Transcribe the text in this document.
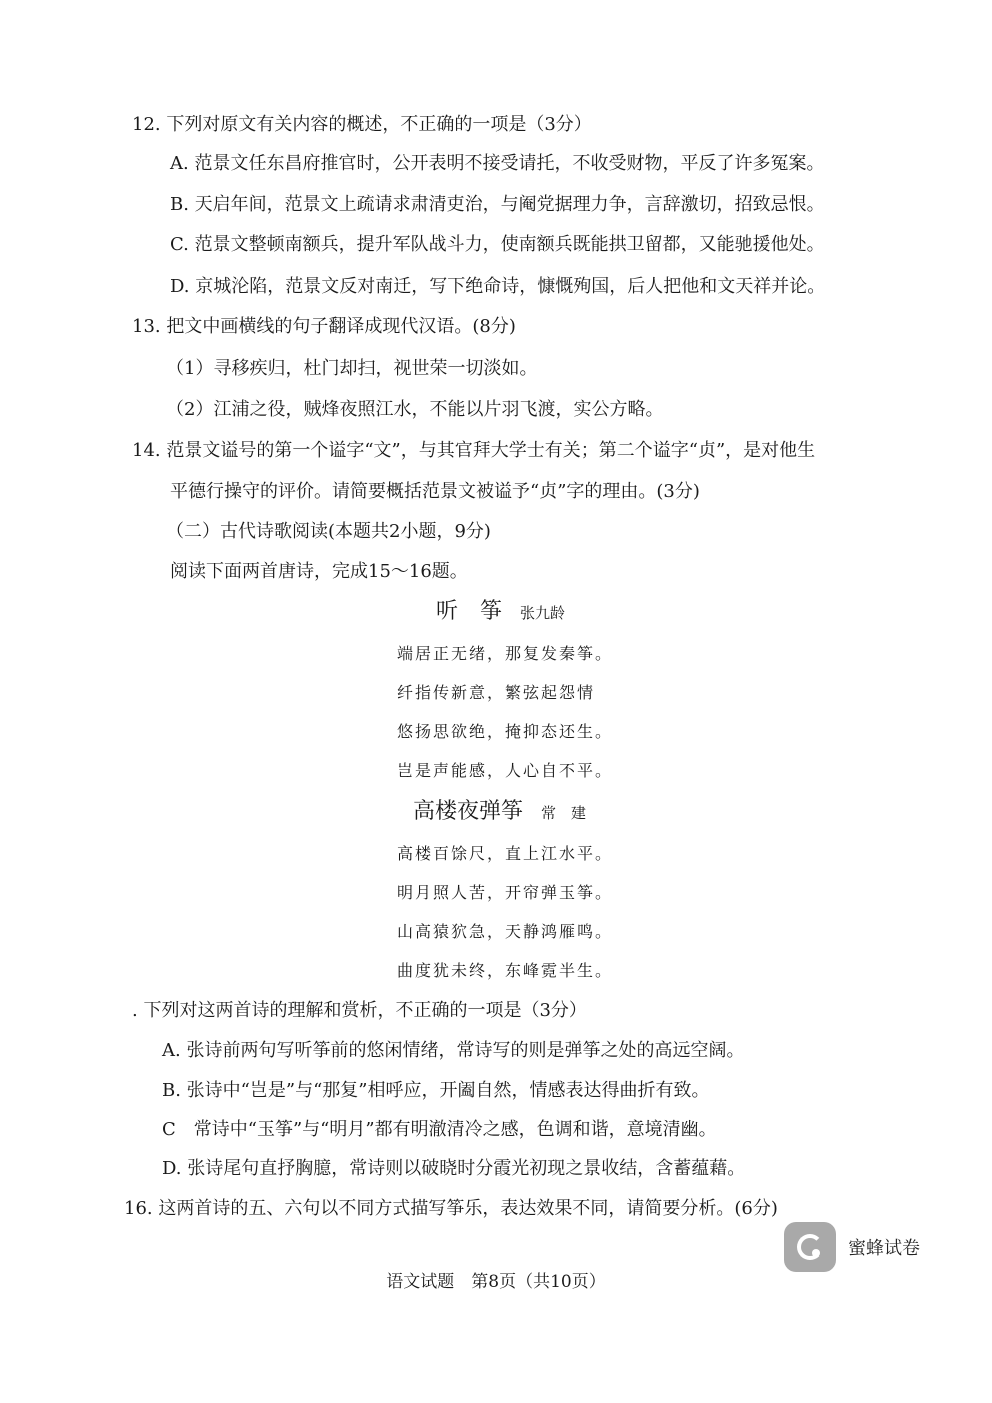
12. 下列对原文有关内容的概述，不正确的一项是（3分）
A. 范景文任东昌府推官时，公开表明不接受请托，不收受财物，平反了许多冤案。
B. 天启年间，范景文上疏请求肃清吏治，与阉党据理力争，言辞激切，招致忌恨。
C. 范景文整顿南额兵，提升军队战斗力，使南额兵既能拱卫留都，又能驰援他处。
D. 京城沦陷，范景文反对南迁，写下绝命诗，慷慨殉国，后人把他和文天祥并论。
13. 把文中画横线的句子翻译成现代汉语。(8分)
（1）寻移疾归，杜门却扫，视世荣一切淡如。
（2）江浦之役，贼烽夜照江水，不能以片羽飞渡，实公方略。
14. 范景文谥号的第一个谥字“文”，与其官拜大学士有关；第二个谥字“贞”，是对他生
平德行操守的评价。请简要概括范景文被谥予“贞”字的理由。(3分)
（二）古代诗歌阅读(本题共2小题，9分)
阅读下面两首唐诗，完成15～16题。
听　筝 张九龄
端居正无绪，那复发秦筝。
纤指传新意，繁弦起怨情
悠扬思欲绝，掩抑态还生。
岂是声能感，人心自不平。
高楼夜弹筝 常　建
高楼百馀尺，直上江水平。
明月照人苦，开帘弹玉筝。
山高猿狖急，天静鸿雁鸣。
曲度犹未终，东峰霓半生。
. 下列对这两首诗的理解和赏析，不正确的一项是（3分）
A. 张诗前两句写听筝前的悠闲情绪，常诗写的则是弹筝之处的高远空阔。
B. 张诗中“岂是”与“那复”相呼应，开阖自然，情感表达得曲折有致。
C　常诗中“玉筝”与“明月”都有明澈清冷之感，色调和谐，意境清幽。
D. 张诗尾句直抒胸臆，常诗则以破晓时分霞光初现之景收结，含蓄蕴藉。
16. 这两首诗的五、六句以不同方式描写筝乐，表达效果不同，请简要分析。(6分)
蜜蜂试卷
语文试题　第8页（共10页）
